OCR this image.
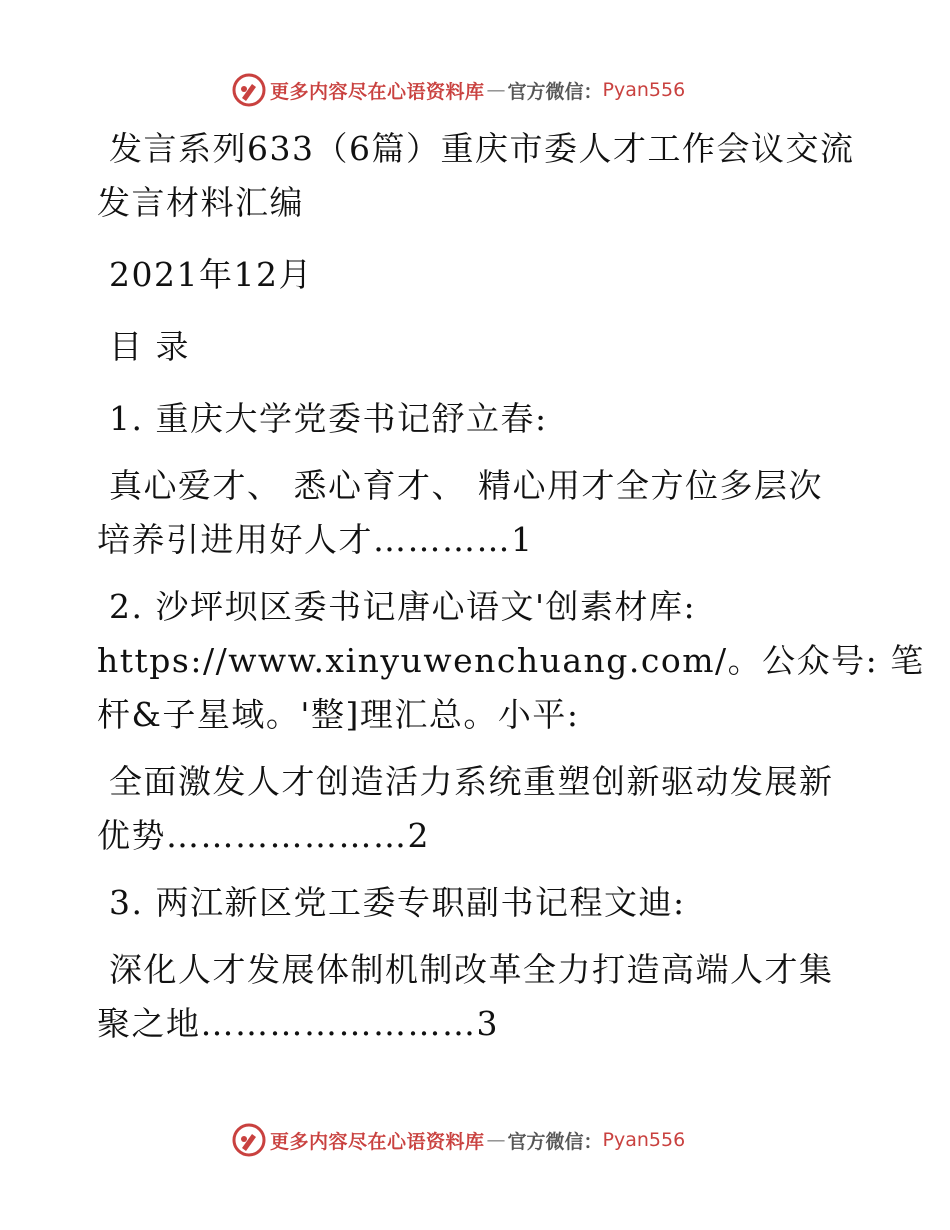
更多内容尽在心语资料库 — 官方微信： Pyan556
发言系列633（6篇）重庆市委人才工作会议交流
发言材料汇编
2021年12月
目 录
1. 重庆大学党委书记舒立春:
真心爱才、 悉心育才、 精心用才全方位多层次
培养引进用好人才…………1
2. 沙坪坝区委书记唐心语文'创素材库:
https://www.xinyuwenchuang.com/。公众号: 笔
杆&子星域。'整]理汇总。小平:
全面激发人才创造活力系统重塑创新驱动发展新
优势…………………2
3. 两江新区党工委专职副书记程文迪:
深化人才发展体制机制改革全力打造高端人才集
聚之地……………………3
更多内容尽在心语资料库 — 官方微信： Pyan556
